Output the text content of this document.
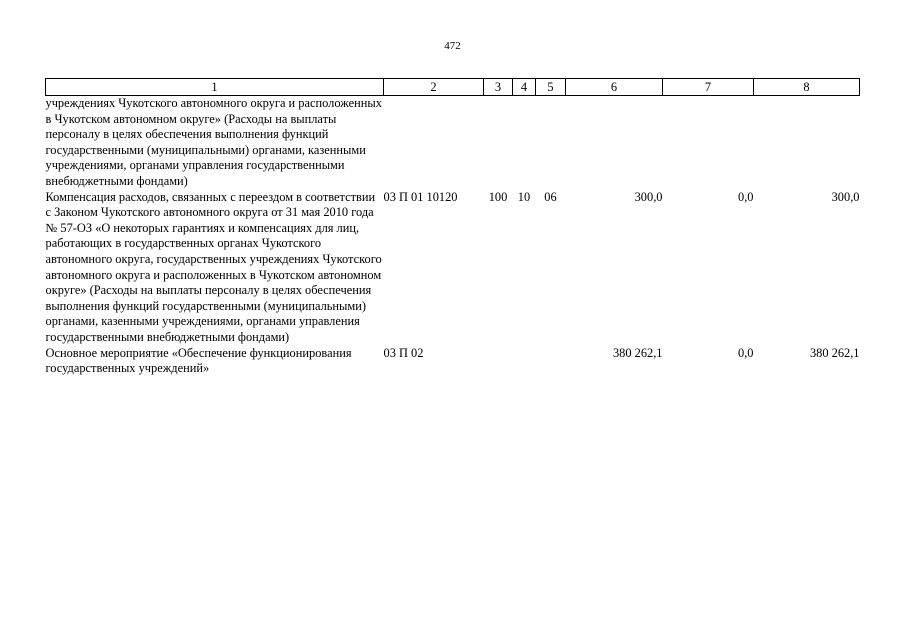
472
1	2	3	4	5	6	7	8
учреждениях Чукотского автономного округа и расположенных в Чукотском автономном округе» (Расходы на выплаты персоналу в целях обеспечения выполнения функций государственными (муниципальными) органами, казенными учреждениями, органами управления государственными внебюджетными фондами)							
Компенсация расходов, связанных с переездом в соответствии с Законом Чукотского автономного округа от 31 мая 2010 года № 57-ОЗ «О некоторых гарантиях и компенсациях для лиц, работающих в государственных органах Чукотского автономного округа, государственных учреждениях Чукотского автономного округа и расположенных в Чукотском автономном округе» (Расходы на выплаты персоналу в целях обеспечения выполнения функций государственными (муниципальными) органами, казенными учреждениями, органами управления государственными внебюджетными фондами)	03 П 01 10120	100	10	06	300,0	0,0	300,0
Основное мероприятие «Обеспечение функционирования государственных учреждений»	03 П 02				380 262,1	0,0	380 262,1
